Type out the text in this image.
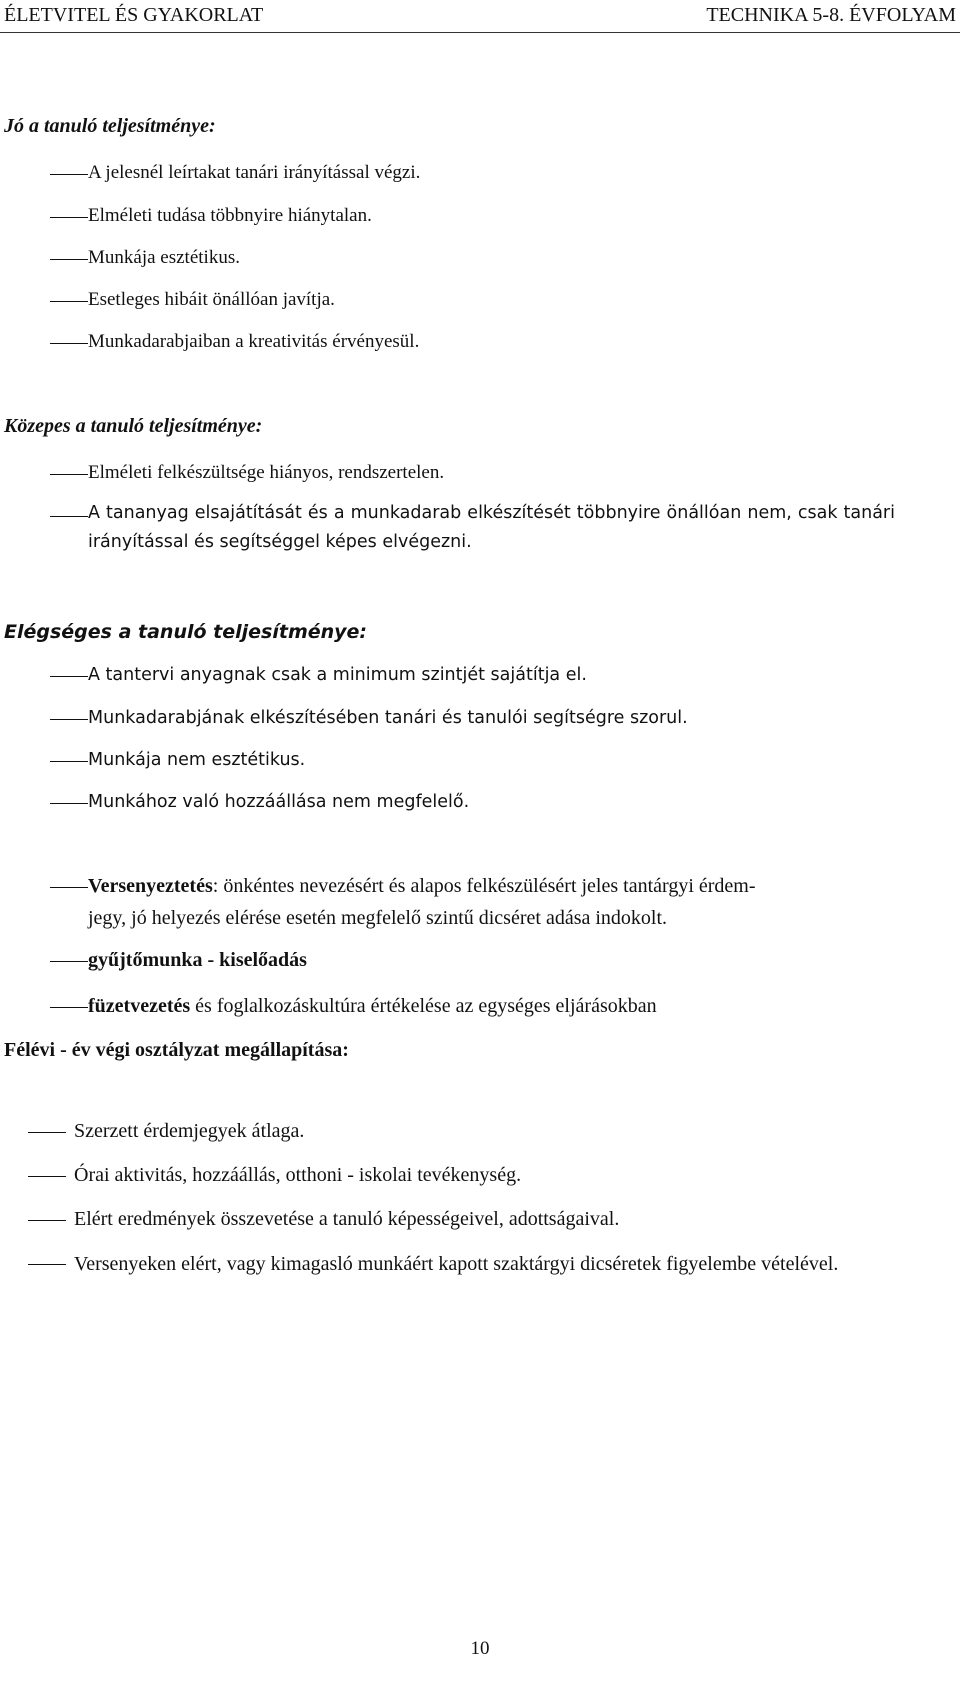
ÉLETVITEL ÉS GYAKORLAT	TECHNIKA 5-8. ÉVFOLYAM
Jó a tanuló teljesítménye:
A jelesnél leírtakat tanári irányítással végzi.
Elméleti tudása többnyire hiánytalan.
Munkája esztétikus.
Esetleges hibáit önállóan javítja.
Munkadarabjaiban a kreativitás érvényesül.
Közepes a tanuló teljesítménye:
Elméleti felkészültsége hiányos, rendszertelen.
A tananyag elsajátítását és a munkadarab elkészítését többnyire önállóan nem, csak tanári irányítással és segítséggel képes elvégezni.
Elégséges a tanuló teljesítménye:
A tantervi anyagnak csak a minimum szintjét sajátítja el.
Munkadarabjának elkészítésében tanári és tanulói segítségre szorul.
Munkája nem esztétikus.
Munkához való hozzáállása nem megfelelő.
Versenyeztetés: önkéntes nevezésért és alapos felkészülésért jeles tantárgyi érdem-
jegy, jó helyezés elérése esetén megfelelő szintű dicséret adása indokolt.
gyűjtőmunka - kiselőadás
füzetvezetés és foglalkozáskultúra értékelése az egységes eljárásokban
Félévi - év végi osztályzat megállapítása:
Szerzett érdemjegyek átlaga.
Órai aktivitás, hozzáállás, otthoni - iskolai tevékenység.
Elért eredmények összevetése a tanuló képességeivel, adottságaival.
Versenyeken elért, vagy kimagasló munkáért kapott szaktárgyi dicséretek figyelembe vételével.
10
